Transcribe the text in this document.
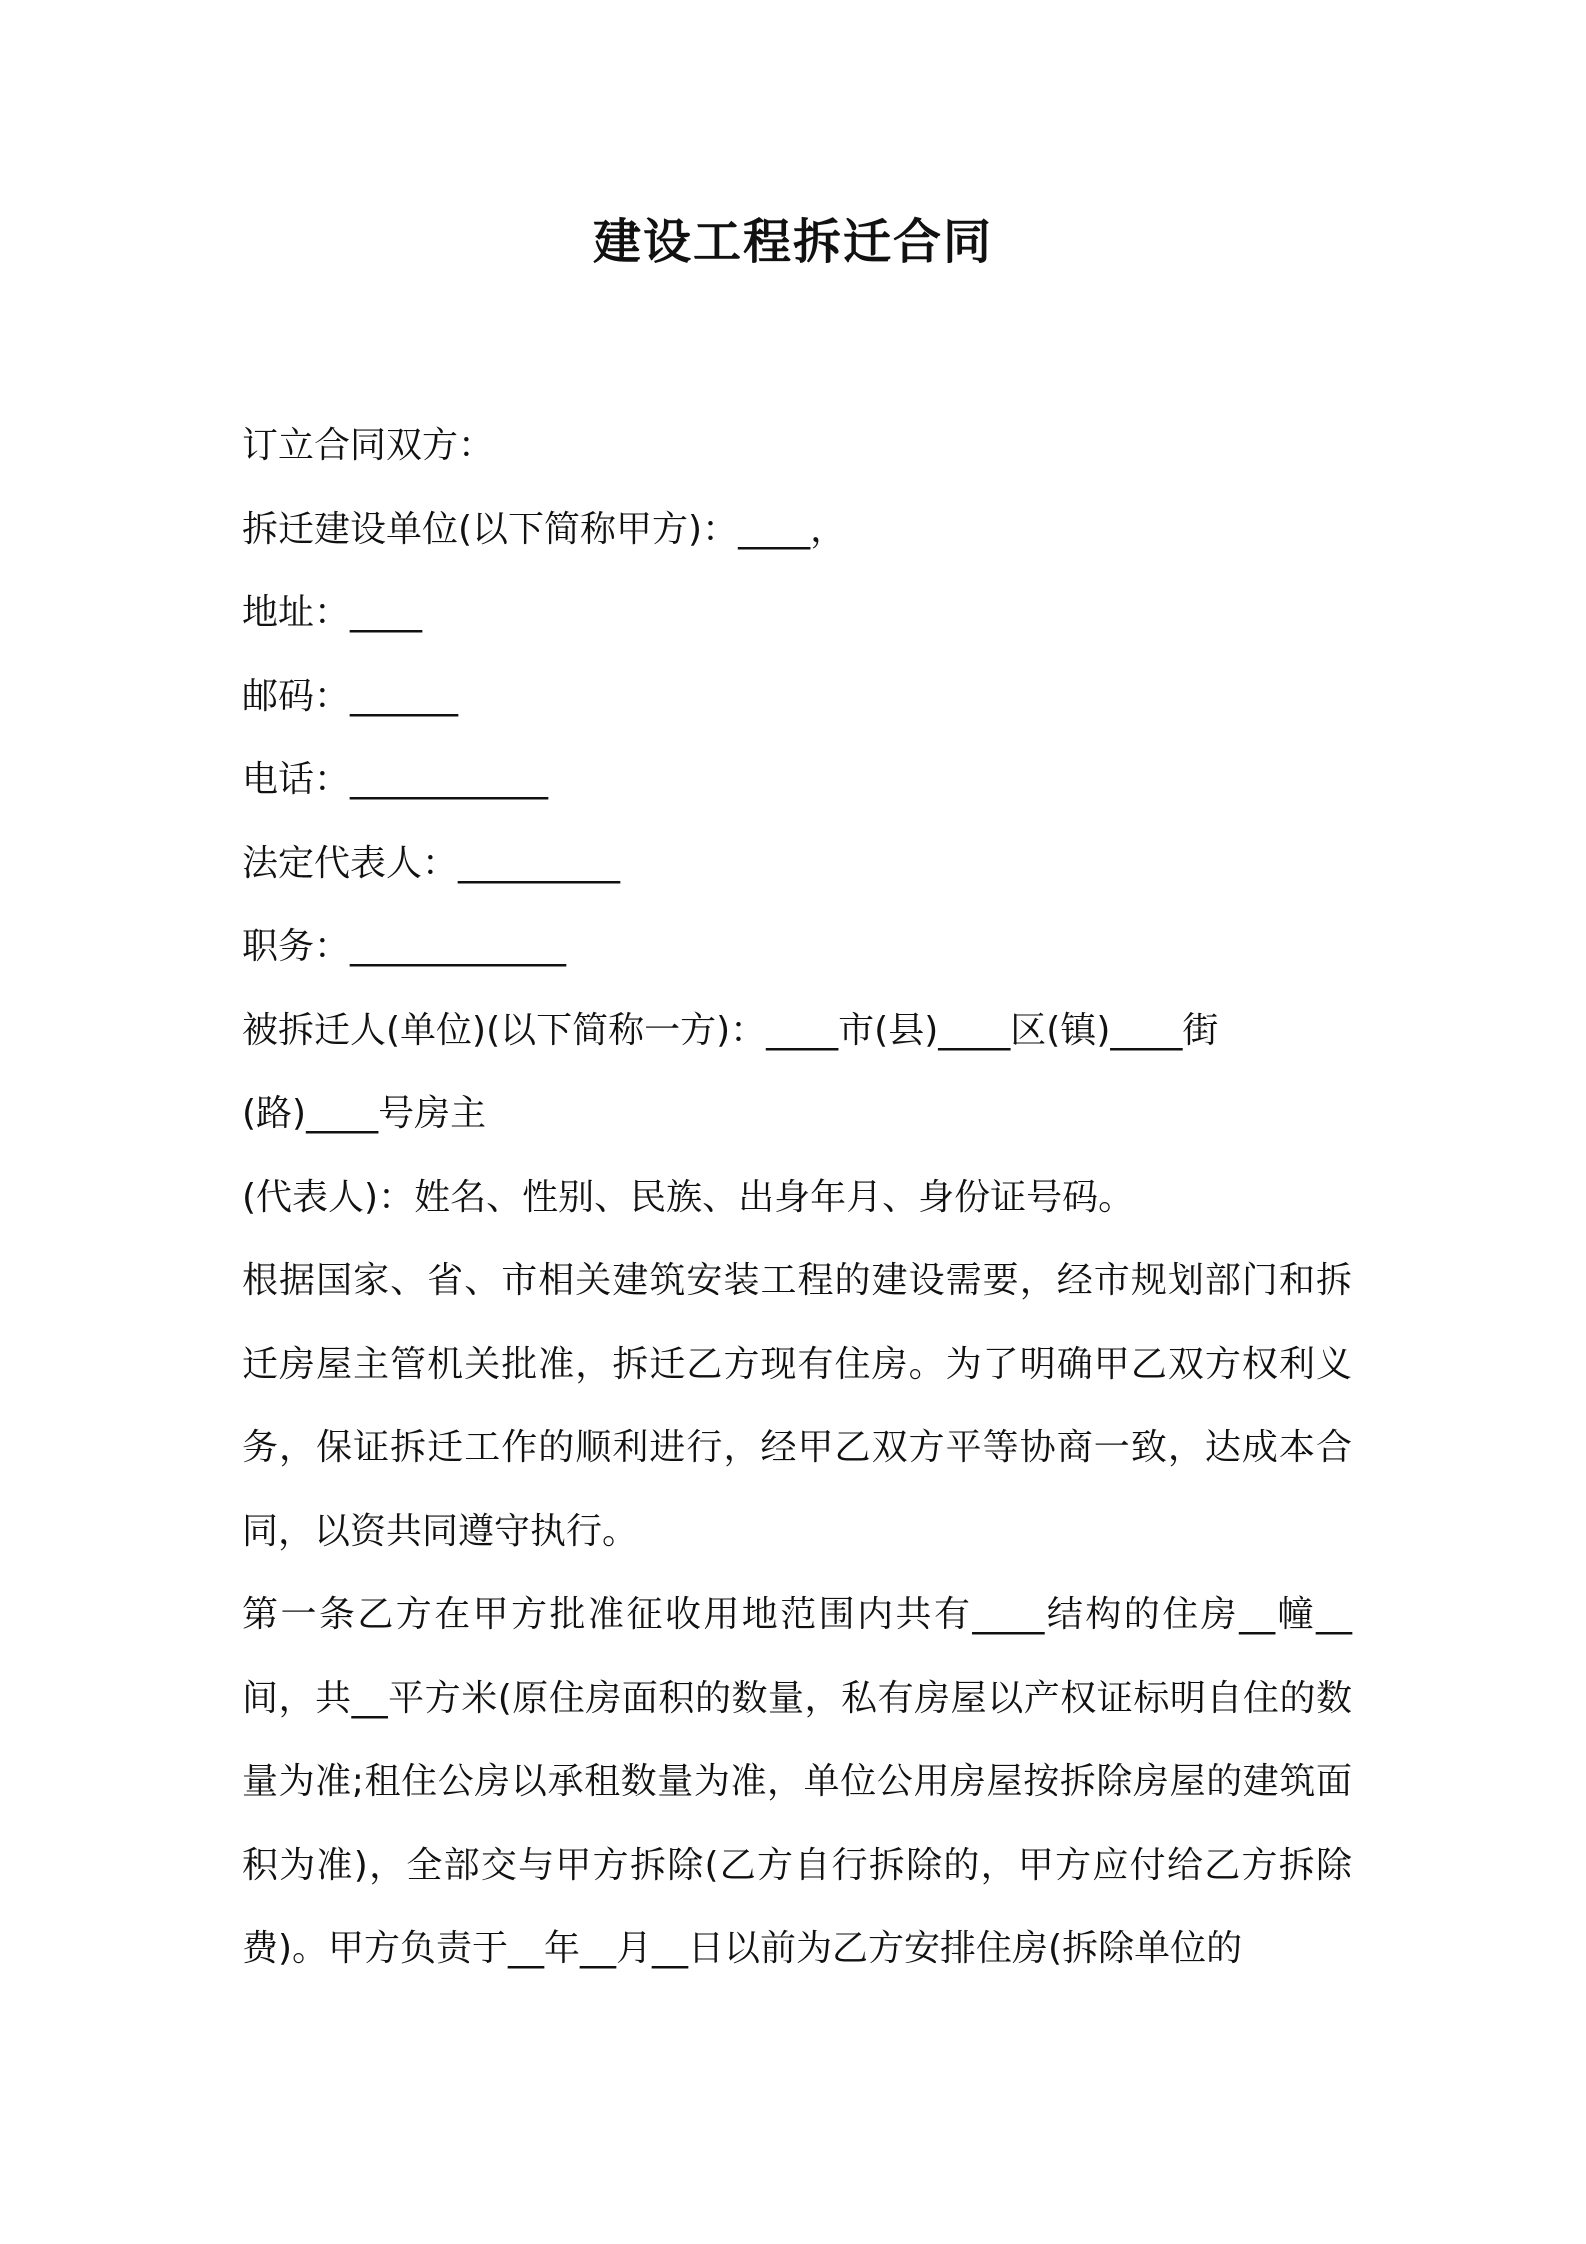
建设工程拆迁合同
订立合同双方：
拆迁建设单位(以下简称甲方)：____，
地址：____
邮码：______
电话：___________
法定代表人：_________
职务：____________
被拆迁人(单位)(以下简称一方)：____市(县)____区(镇)____街
(路)____号房主
(代表人)：姓名、性别、民族、出身年月、身份证号码。

根据国家、省、市相关建筑安装工程的建设需要，经市规划部门和拆迁房屋主管机关批准，拆迁乙方现有住房。为了明确甲乙双方权利义务，保证拆迁工作的顺利进行，经甲乙双方平等协商一致，达成本合同，以资共同遵守执行。

第一条乙方在甲方批准征收用地范围内共有____结构的住房__幢__间，共__平方米(原住房面积的数量，私有房屋以产权证标明自住的数量为准;租住公房以承租数量为准，单位公用房屋按拆除房屋的建筑面积为准)，全部交与甲方拆除(乙方自行拆除的，甲方应付给乙方拆除费)。甲方负责于__年__月__日以前为乙方安排住房(拆除单位的
